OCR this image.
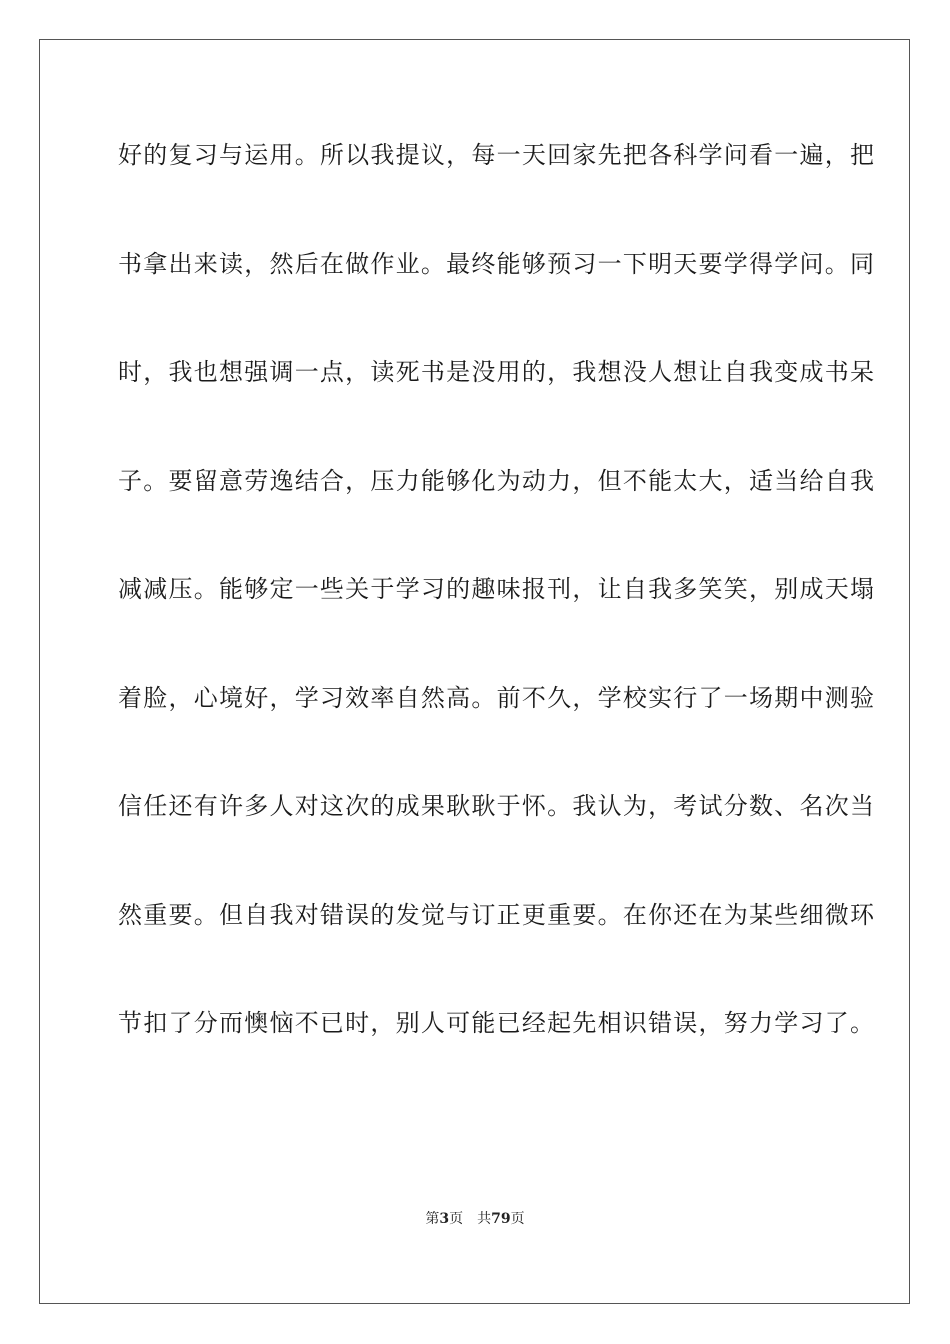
好的复习与运用。所以我提议，每一天回家先把各科学问看一遍，把
书拿出来读，然后在做作业。最终能够预习一下明天要学得学问。同
时，我也想强调一点，读死书是没用的，我想没人想让自我变成书呆
子。要留意劳逸结合，压力能够化为动力，但不能太大，适当给自我
减减压。能够定一些关于学习的趣味报刊，让自我多笑笑，别成天塌
着脸，心境好，学习效率自然高。前不久，学校实行了一场期中测验
信任还有许多人对这次的成果耿耿于怀。我认为，考试分数、名次当
然重要。但自我对错误的发觉与订正更重要。在你还在为某些细微环
节扣了分而懊恼不已时，别人可能已经起先相识错误，努力学习了。
第3页 共79页
